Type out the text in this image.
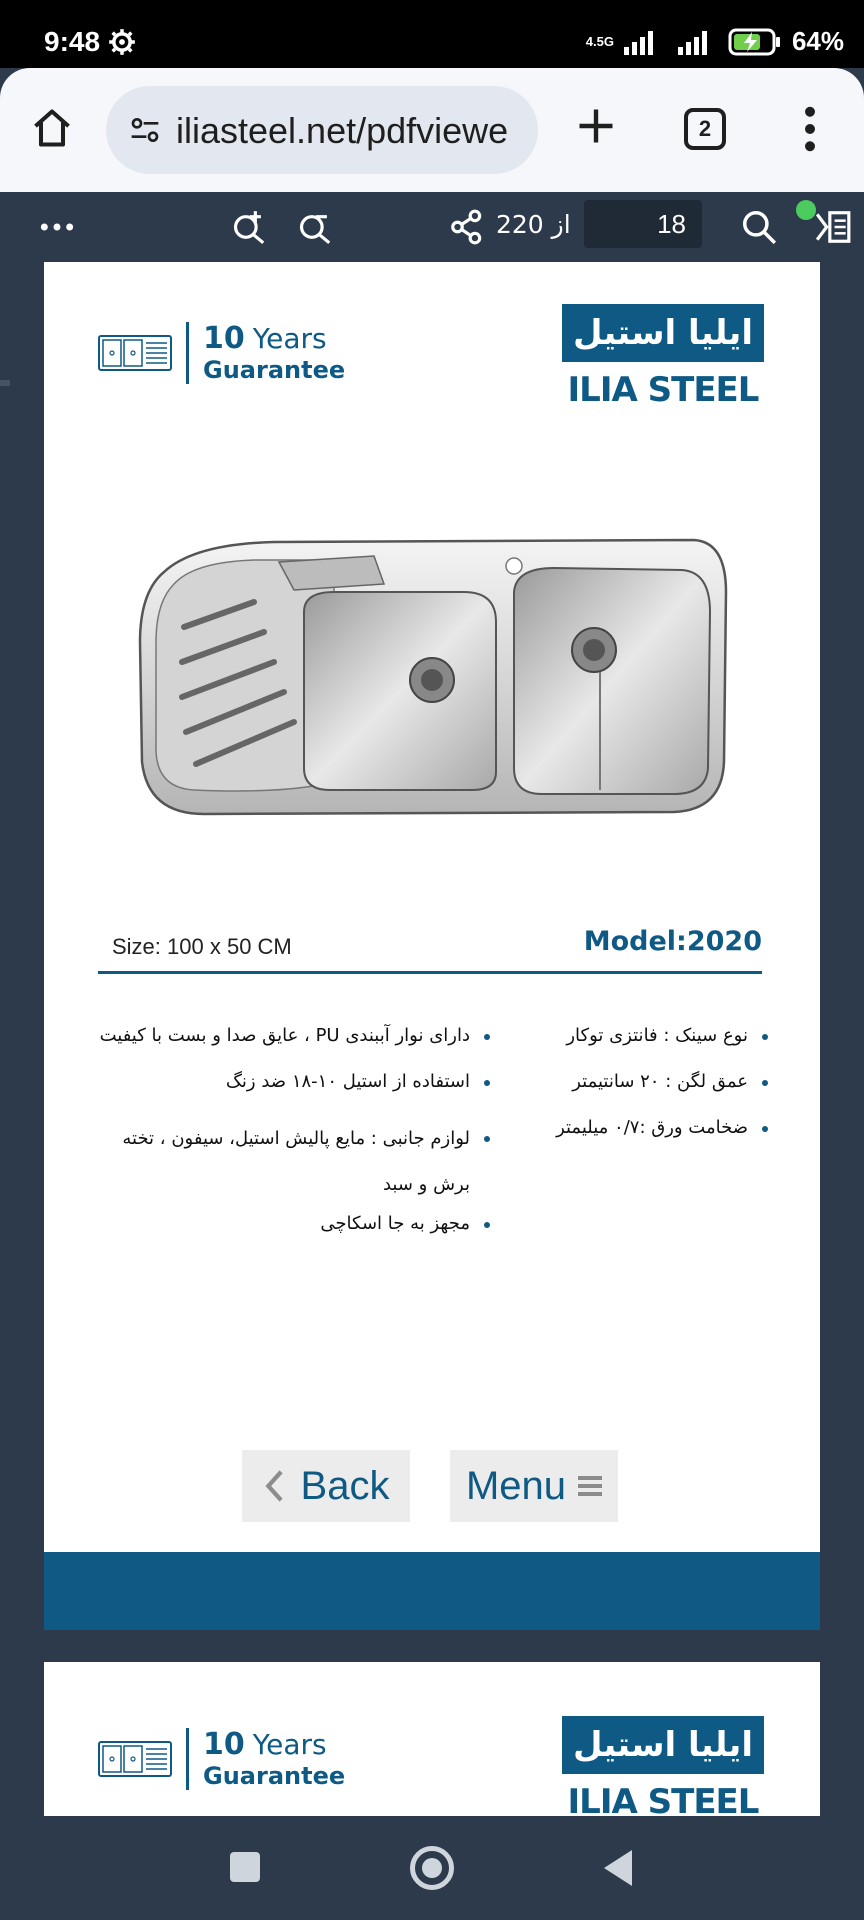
9:48	4.5G	64%
iliasteel.net/pdfviewe	2
از 220	18
10 Years
Guarantee
ایلیا استیل
ILIA STEEL
Size: 100 x 50 CM	Model:2020
نوع سینک : فانتزی توکار
عمق لگن : ۲۰ سانتیمتر
ضخامت ورق :۰/۷ میلیمتر
دارای نوار آببندی PU ، عایق صدا و بست با کیفیت
استفاده از استیل ۱۰-۱۸ ضد زنگ
لوازم جانبی : مایع پالیش استیل، سیفون ، تخته برش و سبد
مجهز به جا اسکاچی
Back Menu
10 Years
Guarantee
ایلیا استیل
ILIA STEEL
